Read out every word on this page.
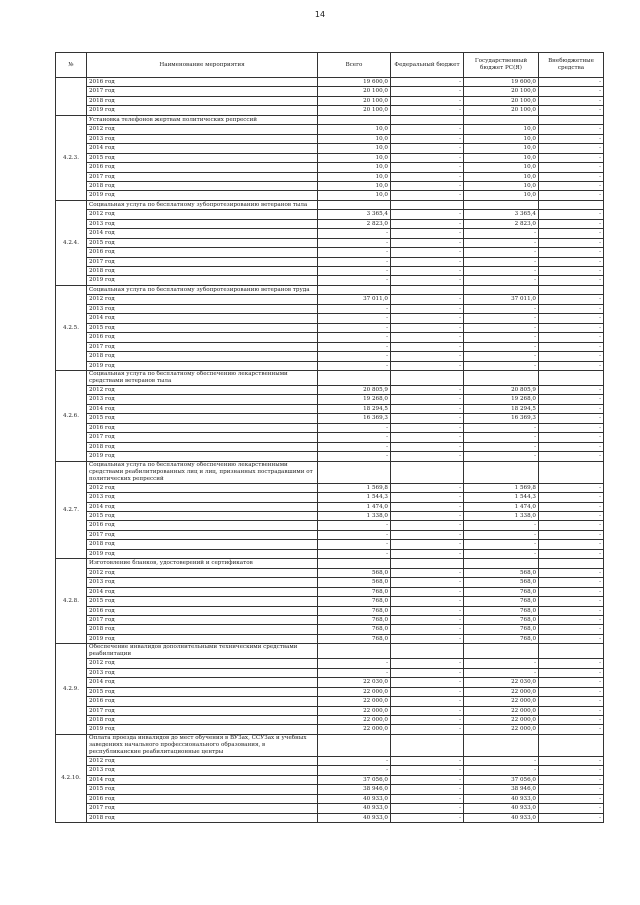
14
№	Наименование мероприятия	Всего	Федеральный бюджет	Государственный бюджет РС(Я)	Внебюджетные средства
	2016 год	19 600,0	-	19 600,0	-
	2017 год	20 100,0	-	20 100,0	-
	2018 год	20 100,0	-	20 100,0	-
	2019 год	20 100,0	-	20 100,0	-
4.2.3.	Установка телефонов жертвам политических репрессий				
	2012 год	10,0	-	10,0	-
	2013 год	10,0	-	10,0	-
	2014 год	10,0	-	10,0	-
	2015 год	10,0	-	10,0	-
	2016 год	10,0	-	10,0	-
	2017 год	10,0	-	10,0	-
	2018 год	10,0	-	10,0	-
	2019 год	10,0	-	10,0	-
4.2.4.	Социальная услуга по бесплатному зубопротезированию ветеранов тыла				
	2012 год	3 365,4	-	3 365,4	-
	2013 год	2 823,0	-	2 823,0	-
	2014 год	-	-	-	-
	2015 год	-	-	-	-
	2016 год	-	-	-	-
	2017 год	-	-	-	-
	2018 год	-	-	-	-
	2019 год	-	-	-	-
4.2.5.	Социальная услуга по бесплатному зубопротезированию ветеранов труда				
	2012 год	37 011,0	-	37 011,0	-
	2013 год	-	-	-	-
	2014 год	-	-	-	-
	2015 год	-	-	-	-
	2016 год	-	-	-	-
	2017 год	-	-	-	-
	2018 год	-	-	-	-
	2019 год	-	-	-	-
4.2.6.	Социальная услуга по бесплатному обеспечению лекарственными средствами ветеранов тыла				
	2012 год	20 805,9	-	20 805,9	-
	2013 год	19 268,0	-	19 268,0	-
	2014 год	18 294,5	-	18 294,5	-
	2015 год	16 369,3	-	16 369,3	-
	2016 год	-	-	-	-
	2017 год	-	-	-	-
	2018 год	-	-	-	-
	2019 год	-	-	-	-
4.2.7.	Социальная услуга по бесплатному обеспечению лекарственными средствами реабилитированных лиц и лиц, признанных пострадавшими от политических репрессий				
	2012 год	1 569,8	-	1 569,8	-
	2013 год	1 544,3	-	1 544,3	-
	2014 год	1 474,0	-	1 474,0	-
	2015 год	1 338,0	-	1 338,0	-
	2016 год	-	-	-	-
	2017 год	-	-	-	-
	2018 год	-	-	-	-
	2019 год	-	-	-	-
4.2.8.	Изготовление бланков, удостоверений и сертификатов				
	2012 год	568,0	-	568,0	-
	2013 год	568,0	-	568,0	-
	2014 год	768,0	-	768,0	-
	2015 год	768,0	-	768,0	-
	2016 год	768,0	-	768,0	-
	2017 год	768,0	-	768,0	-
	2018 год	768,0	-	768,0	-
	2019 год	768,0	-	768,0	-
4.2.9.	Обеспечение инвалидов дополнительными техническими средствами реабилитации				
	2012 год	-	-	-	-
	2013 год	-	-	-	-
	2014 год	22 030,0	-	22 030,0	-
	2015 год	22 000,0	-	22 000,0	-
	2016 год	22 000,0	-	22 000,0	-
	2017 год	22 000,0	-	22 000,0	-
	2018 год	22 000,0	-	22 000,0	-
	2019 год	22 000,0	-	22 000,0	-
4.2.10.	Оплата проезда инвалидов до мест обучения в ВУЗах, ССУЗах и учебных заведениях начального профессионального образования, в республиканские реабилитационные центры				
	2012 год	-	-	-	-
	2013 год	-	-	-	-
	2014 год	37 056,0	-	37 056,0	-
	2015 год	38 946,0	-	38 946,0	-
	2016 год	40 933,0	-	40 933,0	-
	2017 год	40 933,0	-	40 933,0	-
	2018 год	40 933,0	-	40 933,0	-
